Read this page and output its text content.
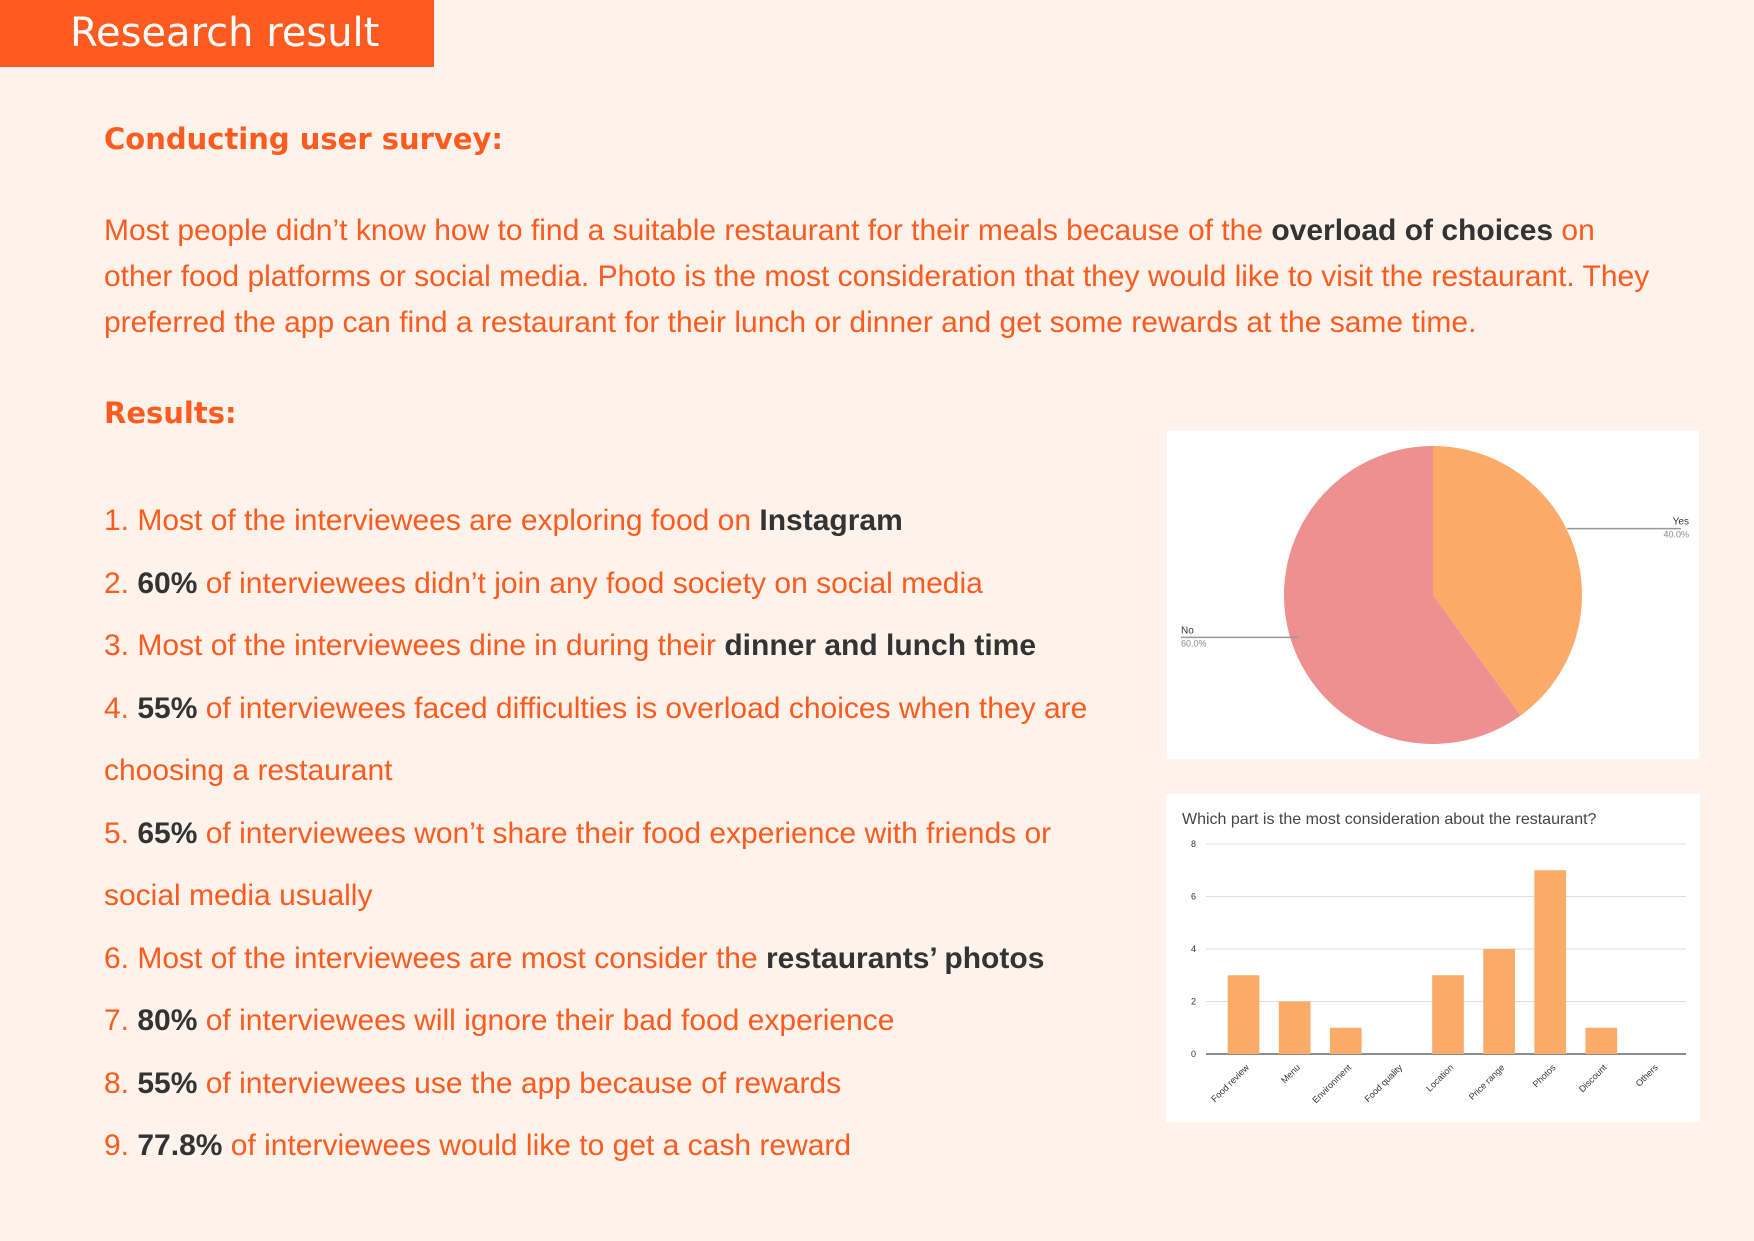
Research result
Conducting user survey:
Most people didn’t know how to find a suitable restaurant for their meals because of the overload of choices on other food platforms or social media. Photo is the most consideration that they would like to visit the restaurant. They preferred the app can find a restaurant for their lunch or dinner and get some rewards at the same time.
Results:
1. Most of the interviewees are exploring food on Instagram
2. 60% of interviewees didn’t join any food society on social media
3. Most of the interviewees dine in during their dinner and lunch time
4. 55% of interviewees faced difficulties is overload choices when they are choosing a restaurant
5. 65% of interviewees won’t share their food experience with friends or social media usually
6. Most of the interviewees are most consider the restaurants’ photos
7. 80% of interviewees will ignore their bad food experience
8. 55% of interviewees use the app because of rewards
9. 77.8% of interviewees would like to get a cash reward
Yes
40.0%
No
60.0%
Which part is the most consideration about the restaurant?
0
2
4
6
8
Food review	Menu Environment Food quality Location Price range	Photos Discount	Others
